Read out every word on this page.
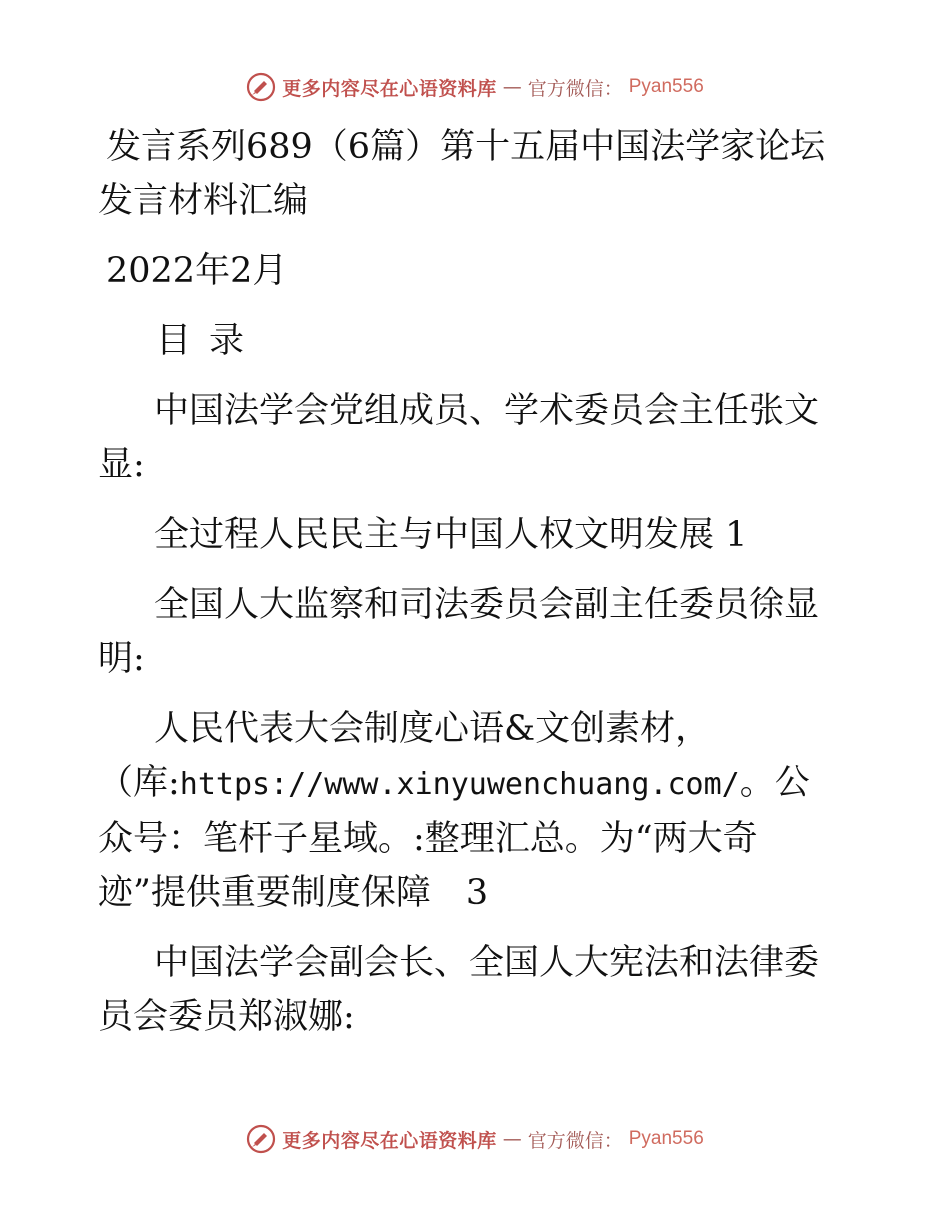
更多内容尽在心语资料库 — 官方微信： Pyan556

发言系列689（6篇）第十五届中国法学家论坛发言材料汇编

2022年2月

目录

中国法学会党组成员、学术委员会主任张文显:

全过程人民民主与中国人权文明发展 1

全国人大监察和司法委员会副主任委员徐显明:

人民代表大会制度心语&文创素材，（库:https://www.xinyuwenchuang.com/。公众号：笔杆子星域。:整理汇总。为“两大奇迹”提供重要制度保障　3

中国法学会副会长、全国人大宪法和法律委员会委员郑淑娜:

更多内容尽在心语资料库 — 官方微信： Pyan556
